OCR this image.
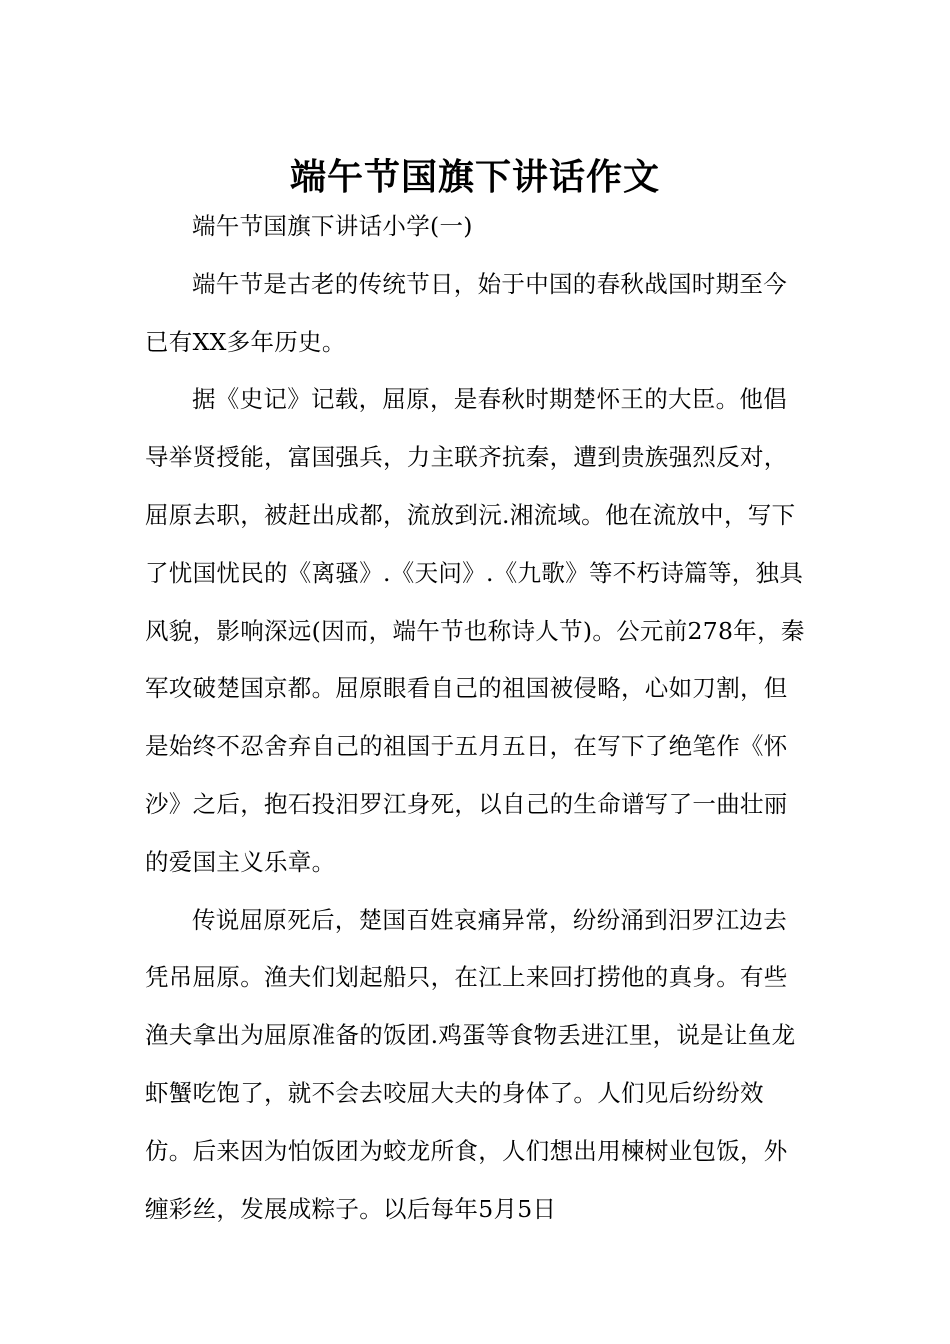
端午节国旗下讲话作文

端午节国旗下讲话小学(一)

端午节是古老的传统节日，始于中国的春秋战国时期至今已有XX多年历史。

据《史记》记载，屈原，是春秋时期楚怀王的大臣。他倡导举贤授能，富国强兵，力主联齐抗秦，遭到贵族强烈反对，屈原去职，被赶出成都，流放到沅.湘流域。他在流放中，写下了忧国忧民的《离骚》.《天问》.《九歌》等不朽诗篇等，独具风貌，影响深远(因而，端午节也称诗人节)。公元前278年，秦军攻破楚国京都。屈原眼看自己的祖国被侵略，心如刀割，但是始终不忍舍弃自己的祖国于五月五日，在写下了绝笔作《怀沙》之后，抱石投汨罗江身死，以自己的生命谱写了一曲壮丽的爱国主义乐章。

传说屈原死后，楚国百姓哀痛异常，纷纷涌到汨罗江边去凭吊屈原。渔夫们划起船只，在江上来回打捞他的真身。有些渔夫拿出为屈原准备的饭团.鸡蛋等食物丢进江里，说是让鱼龙虾蟹吃饱了，就不会去咬屈大夫的身体了。人们见后纷纷效仿。后来因为怕饭团为蛟龙所食，人们想出用楝树业包饭，外缠彩丝，发展成粽子。以后每年5月5日
